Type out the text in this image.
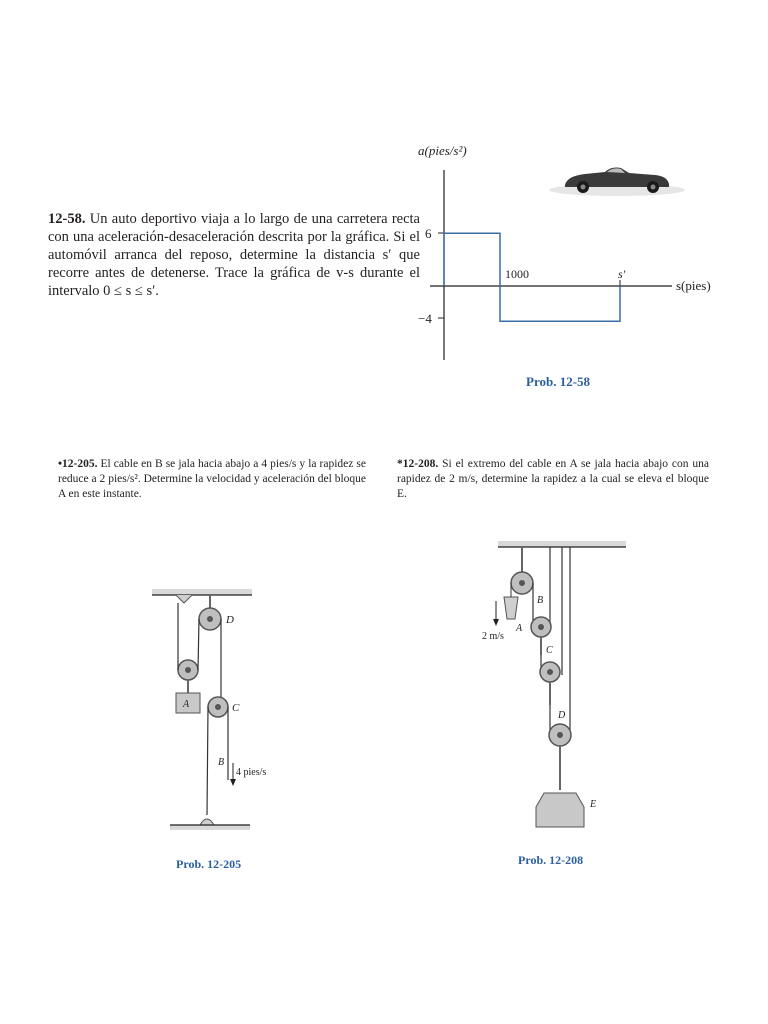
12-58. Un auto deportivo viaja a lo largo de una carretera recta con una aceleración-desaceleración descrita por la gráfica. Si el automóvil arranca del reposo, determine la distancia s′ que recorre antes de detenerse. Trace la gráfica de v-s durante el intervalo 0 ≤ s ≤ s′.
a(pies/s²)
s(pies)
6
−4
1000	s′
Prob. 12-58
•12-205. El cable en B se jala hacia abajo a 4 pies/s y la rapidez se reduce a 2 pies/s². Determine la velocidad y aceleración del bloque A en este instante.
*12-208. Si el extremo del cable en A se jala hacia abajo con una rapidez de 2 m/s, determine la rapidez a la cual se eleva el bloque E.
D
A	C
B
4 pies/s
Prob. 12-205
A
2 m/s
B
C
D
E
Prob. 12-208
